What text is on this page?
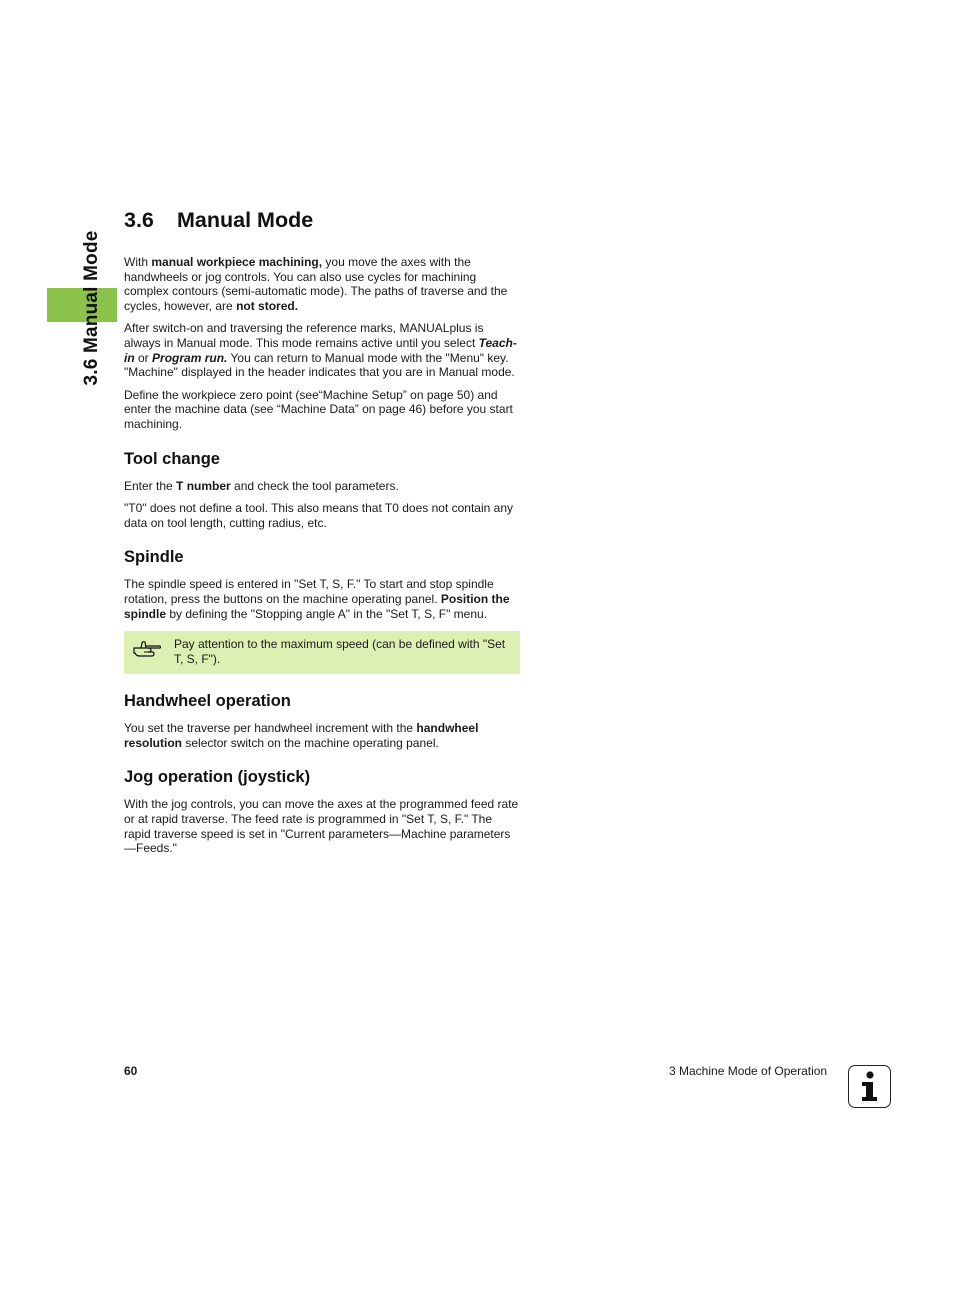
3.6 Manual Mode
3.6 Manual Mode

With manual workpiece machining, you move the axes with the handwheels or jog controls. You can also use cycles for machining complex contours (semi-automatic mode). The paths of traverse and the cycles, however, are not stored.

After switch-on and traversing the reference marks, MANUALplus is always in Manual mode. This mode remains active until you select Teach-in or Program run. You can return to Manual mode with the "Menu" key. "Machine" displayed in the header indicates that you are in Manual mode.

Define the workpiece zero point (see“Machine Setup” on page 50) and enter the machine data (see “Machine Data” on page 46) before you start machining.

Tool change

Enter the T number and check the tool parameters.

"T0" does not define a tool. This also means that T0 does not contain any data on tool length, cutting radius, etc.

Spindle

The spindle speed is entered in "Set T, S, F." To start and stop spindle rotation, press the buttons on the machine operating panel. Position the spindle by defining the "Stopping angle A" in the "Set T, S, F" menu.

Pay attention to the maximum speed (can be defined with "Set T, S, F").
Handwheel operation

You set the traverse per handwheel increment with the handwheel resolution selector switch on the machine operating panel.

Jog operation (joystick)

With the jog controls, you can move the axes at the programmed feed rate or at rapid traverse. The feed rate is programmed in "Set T, S, F." The rapid traverse speed is set in "Current parameters—Machine parameters—Feeds."

60	3 Machine Mode of Operation
